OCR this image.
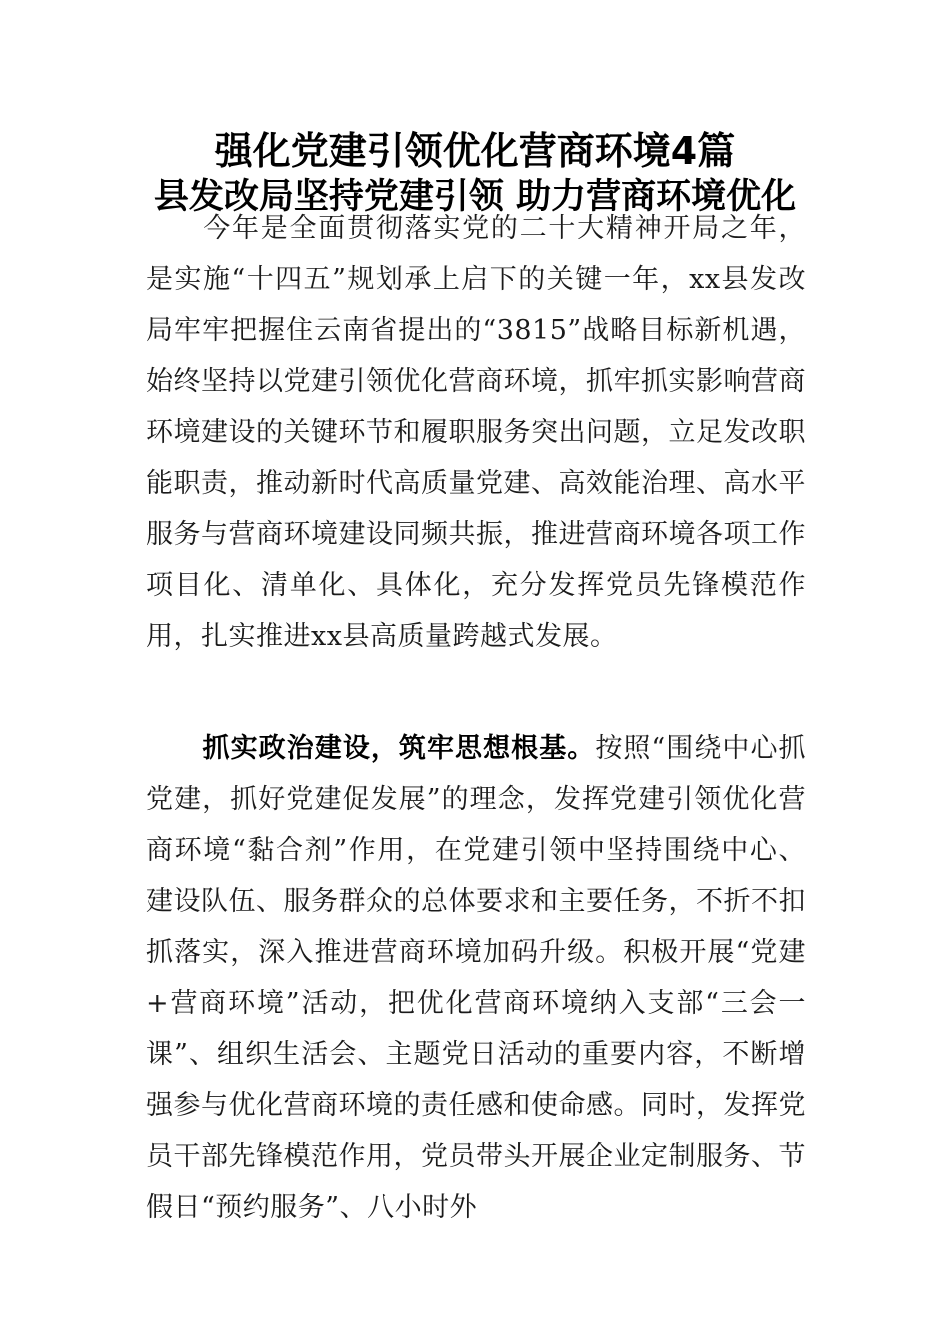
强化党建引领优化营商环境4篇
县发改局坚持党建引领 助力营商环境优化
今年是全面贯彻落实党的二十大精神开局之年，是实施“十四五”规划承上启下的关键一年，xx县发改局牢牢把握住云南省提出的“3815”战略目标新机遇，始终坚持以党建引领优化营商环境，抓牢抓实影响营商环境建设的关键环节和履职服务突出问题，立足发改职能职责，推动新时代高质量党建、高效能治理、高水平服务与营商环境建设同频共振，推进营商环境各项工作项目化、清单化、具体化，充分发挥党员先锋模范作用，扎实推进xx县高质量跨越式发展。
抓实政治建设，筑牢思想根基。按照“围绕中心抓党建，抓好党建促发展”的理念，发挥党建引领优化营商环境“黏合剂”作用，在党建引领中坚持围绕中心、建设队伍、服务群众的总体要求和主要任务，不折不扣抓落实，深入推进营商环境加码升级。积极开展“党建+营商环境”活动，把优化营商环境纳入支部“三会一课”、组织生活会、主题党日活动的重要内容，不断增强参与优化营商环境的责任感和使命感。同时，发挥党员干部先锋模范作用，党员带头开展企业定制服务、节假日“预约服务”、八小时外
